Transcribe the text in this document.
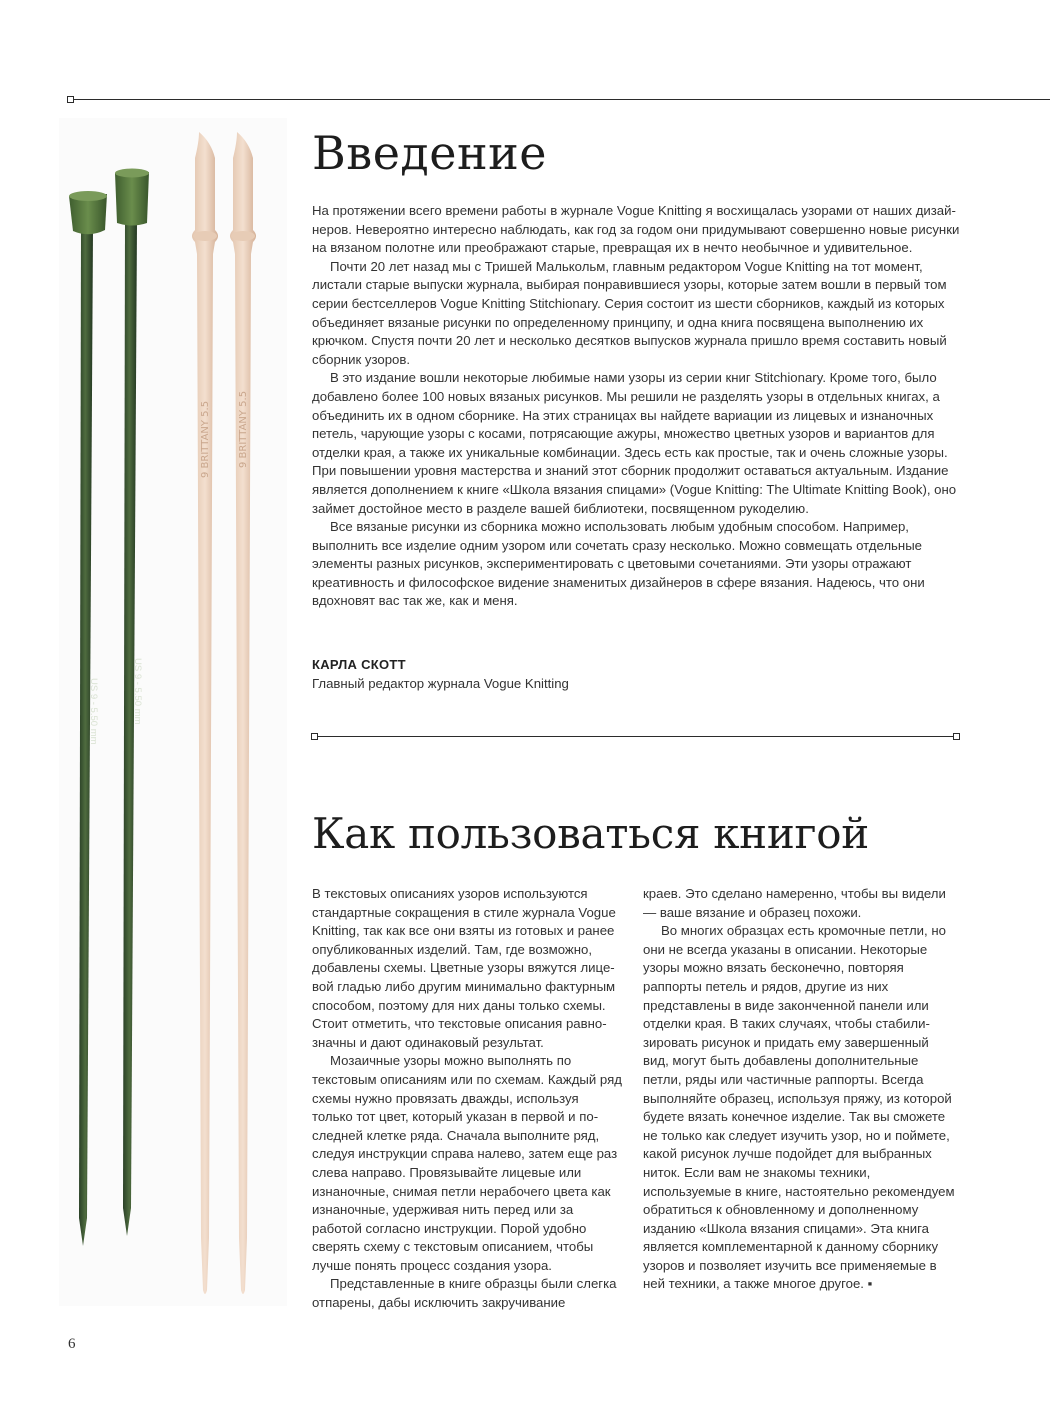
US 9 - 5.50 mm	US 9 - 5.50 mm
9 BRITTANY 5.5	9 BRITTANY 5.5
Введение

На протяжении всего времени работы в журнале Vogue Knitting я восхищалась узорами от наших дизайнеров. Невероятно интересно наблюдать, как год за годом они придумывают совершенно новые рисунки на вязаном полотне или преображают старые, превращая их в нечто необычное и удивительное.

Почти 20 лет назад мы с Тришей Малькольм, главным редактором Vogue Knitting на тот момент, листали старые выпуски журнала, выбирая понравившиеся узоры, которые затем вошли в первый том серии бестселлеров Vogue Knitting Stitchionary. Серия состоит из шести сборников, каждый из которых объединяет вязаные рисунки по определенному принципу, и одна книга посвящена выполнению их крючком. Спустя почти 20 лет и несколько десятков выпусков журнала пришло время составить новый сборник узоров.

В это издание вошли некоторые любимые нами узоры из серии книг Stitchionary. Кроме того, было добавлено более 100 новых вязаных рисунков. Мы решили не разделять узоры в отдельных книгах, а объединить их в одном сборнике. На этих страницах вы найдете вариации из лицевых и изнаночных петель, чарующие узоры с косами, потрясающие ажуры, множество цветных узоров и вариантов для отделки края, а также их уникальные комбинации. Здесь есть как простые, так и очень сложные узоры. При повышении уровня мастерства и знаний этот сборник продолжит оставаться актуальным. Издание является дополнением к книге «Школа вязания спицами» (Vogue Knitting: The Ultimate Knitting Book), оно займет достойное место в разделе вашей библиотеки, посвященном рукоделию.

Все вязаные рисунки из сборника можно использовать любым удобным способом. Например, выполнить все изделие одним узором или сочетать сразу несколько. Можно совмещать отдельные элементы разных рисунков, экспериментировать с цветовыми сочетаниями. Эти узоры отражают креативность и философское видение знаменитых дизайнеров в сфере вязания. Надеюсь, что они вдохновят вас так же, как и меня.

КАРЛА СКОТТ
Главный редактор журнала Vogue Knitting
Как пользоваться книгой

В текстовых описаниях узоров используются стандартные сокращения в стиле журнала Vogue Knitting, так как все они взяты из готовых и ранее опубликованных изделий. Там, где возможно, добавлены схемы. Цветные узоры вяжутся лицевой гладью либо другим минимально фактурным способом, поэтому для них даны только схемы. Стоит отметить, что текстовые описания равнозначны и дают одинаковый результат.

Мозаичные узоры можно выполнять по текстовым описаниям или по схемам. Каждый ряд схемы нужно провязать дважды, используя только тот цвет, который указан в первой и последней клетке ряда. Сначала выполните ряд, следуя инструкции справа налево, затем еще раз слева направо. Провязывайте лицевые или изнаночные, снимая петли нерабочего цвета как изнаночные, удерживая нить перед или за работой согласно инструкции. Порой удобно сверять схему с текстовым описанием, чтобы лучше понять процесс создания узора.

Представленные в книге образцы были слегка отпарены, дабы исключить закручивание

краев. Это сделано намеренно, чтобы вы видели — ваше вязание и образец похожи.

Во многих образцах есть кромочные петли, но они не всегда указаны в описании. Некоторые узоры можно вязать бесконечно, повторяя раппорты петель и рядов, другие из них представлены в виде законченной панели или отделки края. В таких случаях, чтобы стабилизировать рисунок и придать ему завершенный вид, могут быть добавлены дополнительные петли, ряды или частичные раппорты. Всегда выполняйте образец, используя пряжу, из которой будете вязать конечное изделие. Так вы сможете не только как следует изучить узор, но и поймете, какой рисунок лучше подойдет для выбранных ниток. Если вам не знакомы техники, используемые в книге, настоятельно рекомендуем обратиться к обновленному и дополненному изданию «Школа вязания спицами». Эта книга является комплементарной к данному сборнику узоров и позволяет изучить все применяемые в ней техники, а также многое другое. ▪

6
